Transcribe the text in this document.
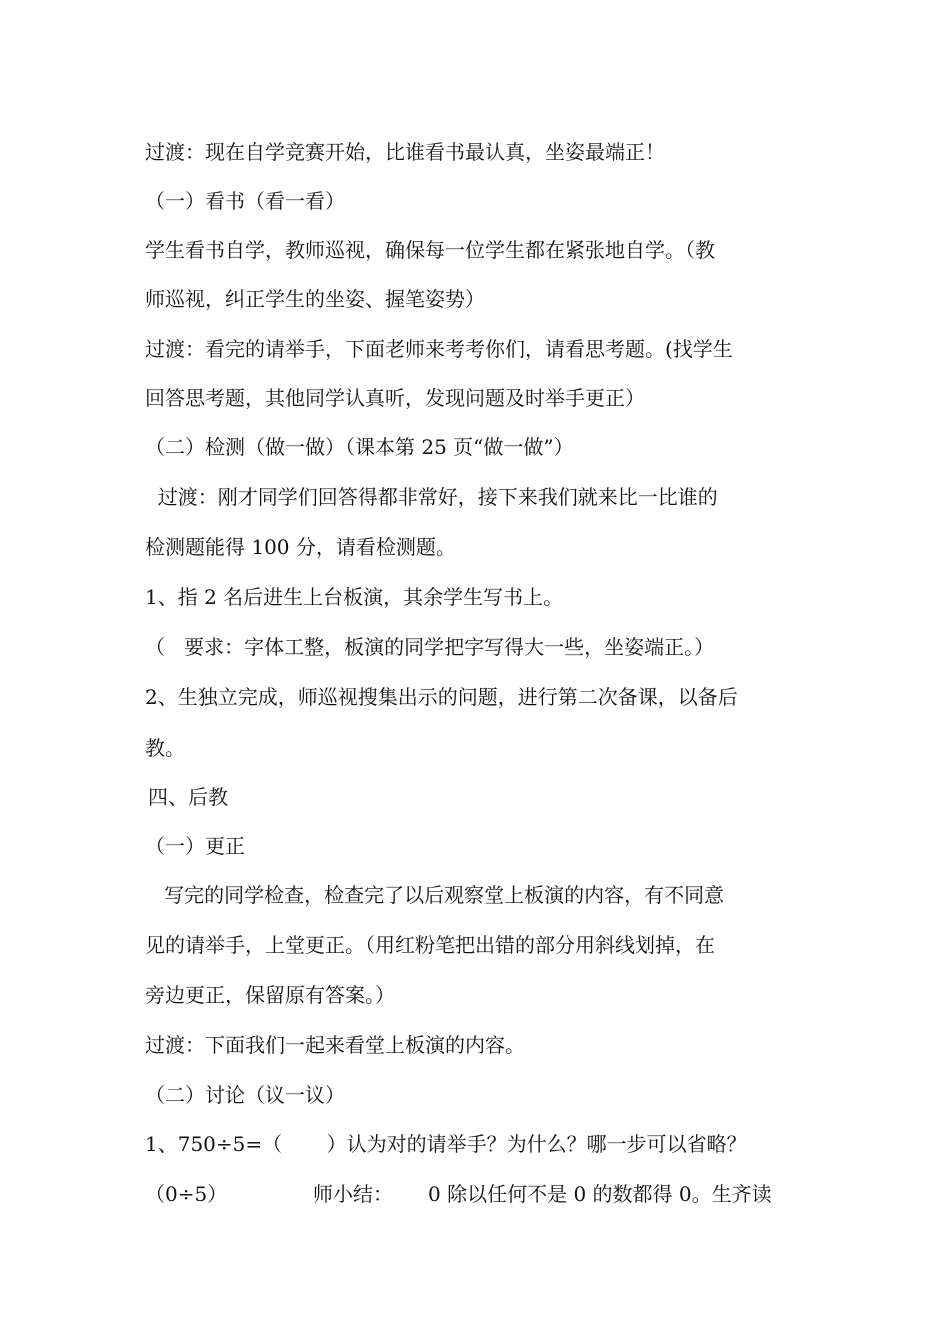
过渡：现在自学竞赛开始，比谁看书最认真，坐姿最端正！
（一）看书（看一看）
学生看书自学，教师巡视，确保每一位学生都在紧张地自学。（教
师巡视，纠正学生的坐姿、握笔姿势）
过渡：看完的请举手，下面老师来考考你们，请看思考题。(找学生
回答思考题，其他同学认真听，发现问题及时举手更正）
（二）检测（做一做）（课本第 25 页“做一做”）
过渡：刚才同学们回答得都非常好，接下来我们就来比一比谁的
检测题能得 100 分，请看检测题。
1、指 2 名后进生上台板演，其余学生写书上。
（   要求：字体工整，板演的同学把字写得大一些，坐姿端正。）
2、生独立完成，师巡视搜集出示的问题，进行第二次备课，以备后
教。
四、后教
（一）更正
写完的同学检查，检查完了以后观察堂上板演的内容，有不同意
见的请举手，上堂更正。（用红粉笔把出错的部分用斜线划掉，在
旁边更正，保留原有答案。）
过渡：下面我们一起来看堂上板演的内容。
（二）讨论（议一议）
1、750÷5=（       ）认为对的请举手？为什么？哪一步可以省略？
（0÷5）	师小结： 0 除以任何不是 0 的数都得 0。生齐读
